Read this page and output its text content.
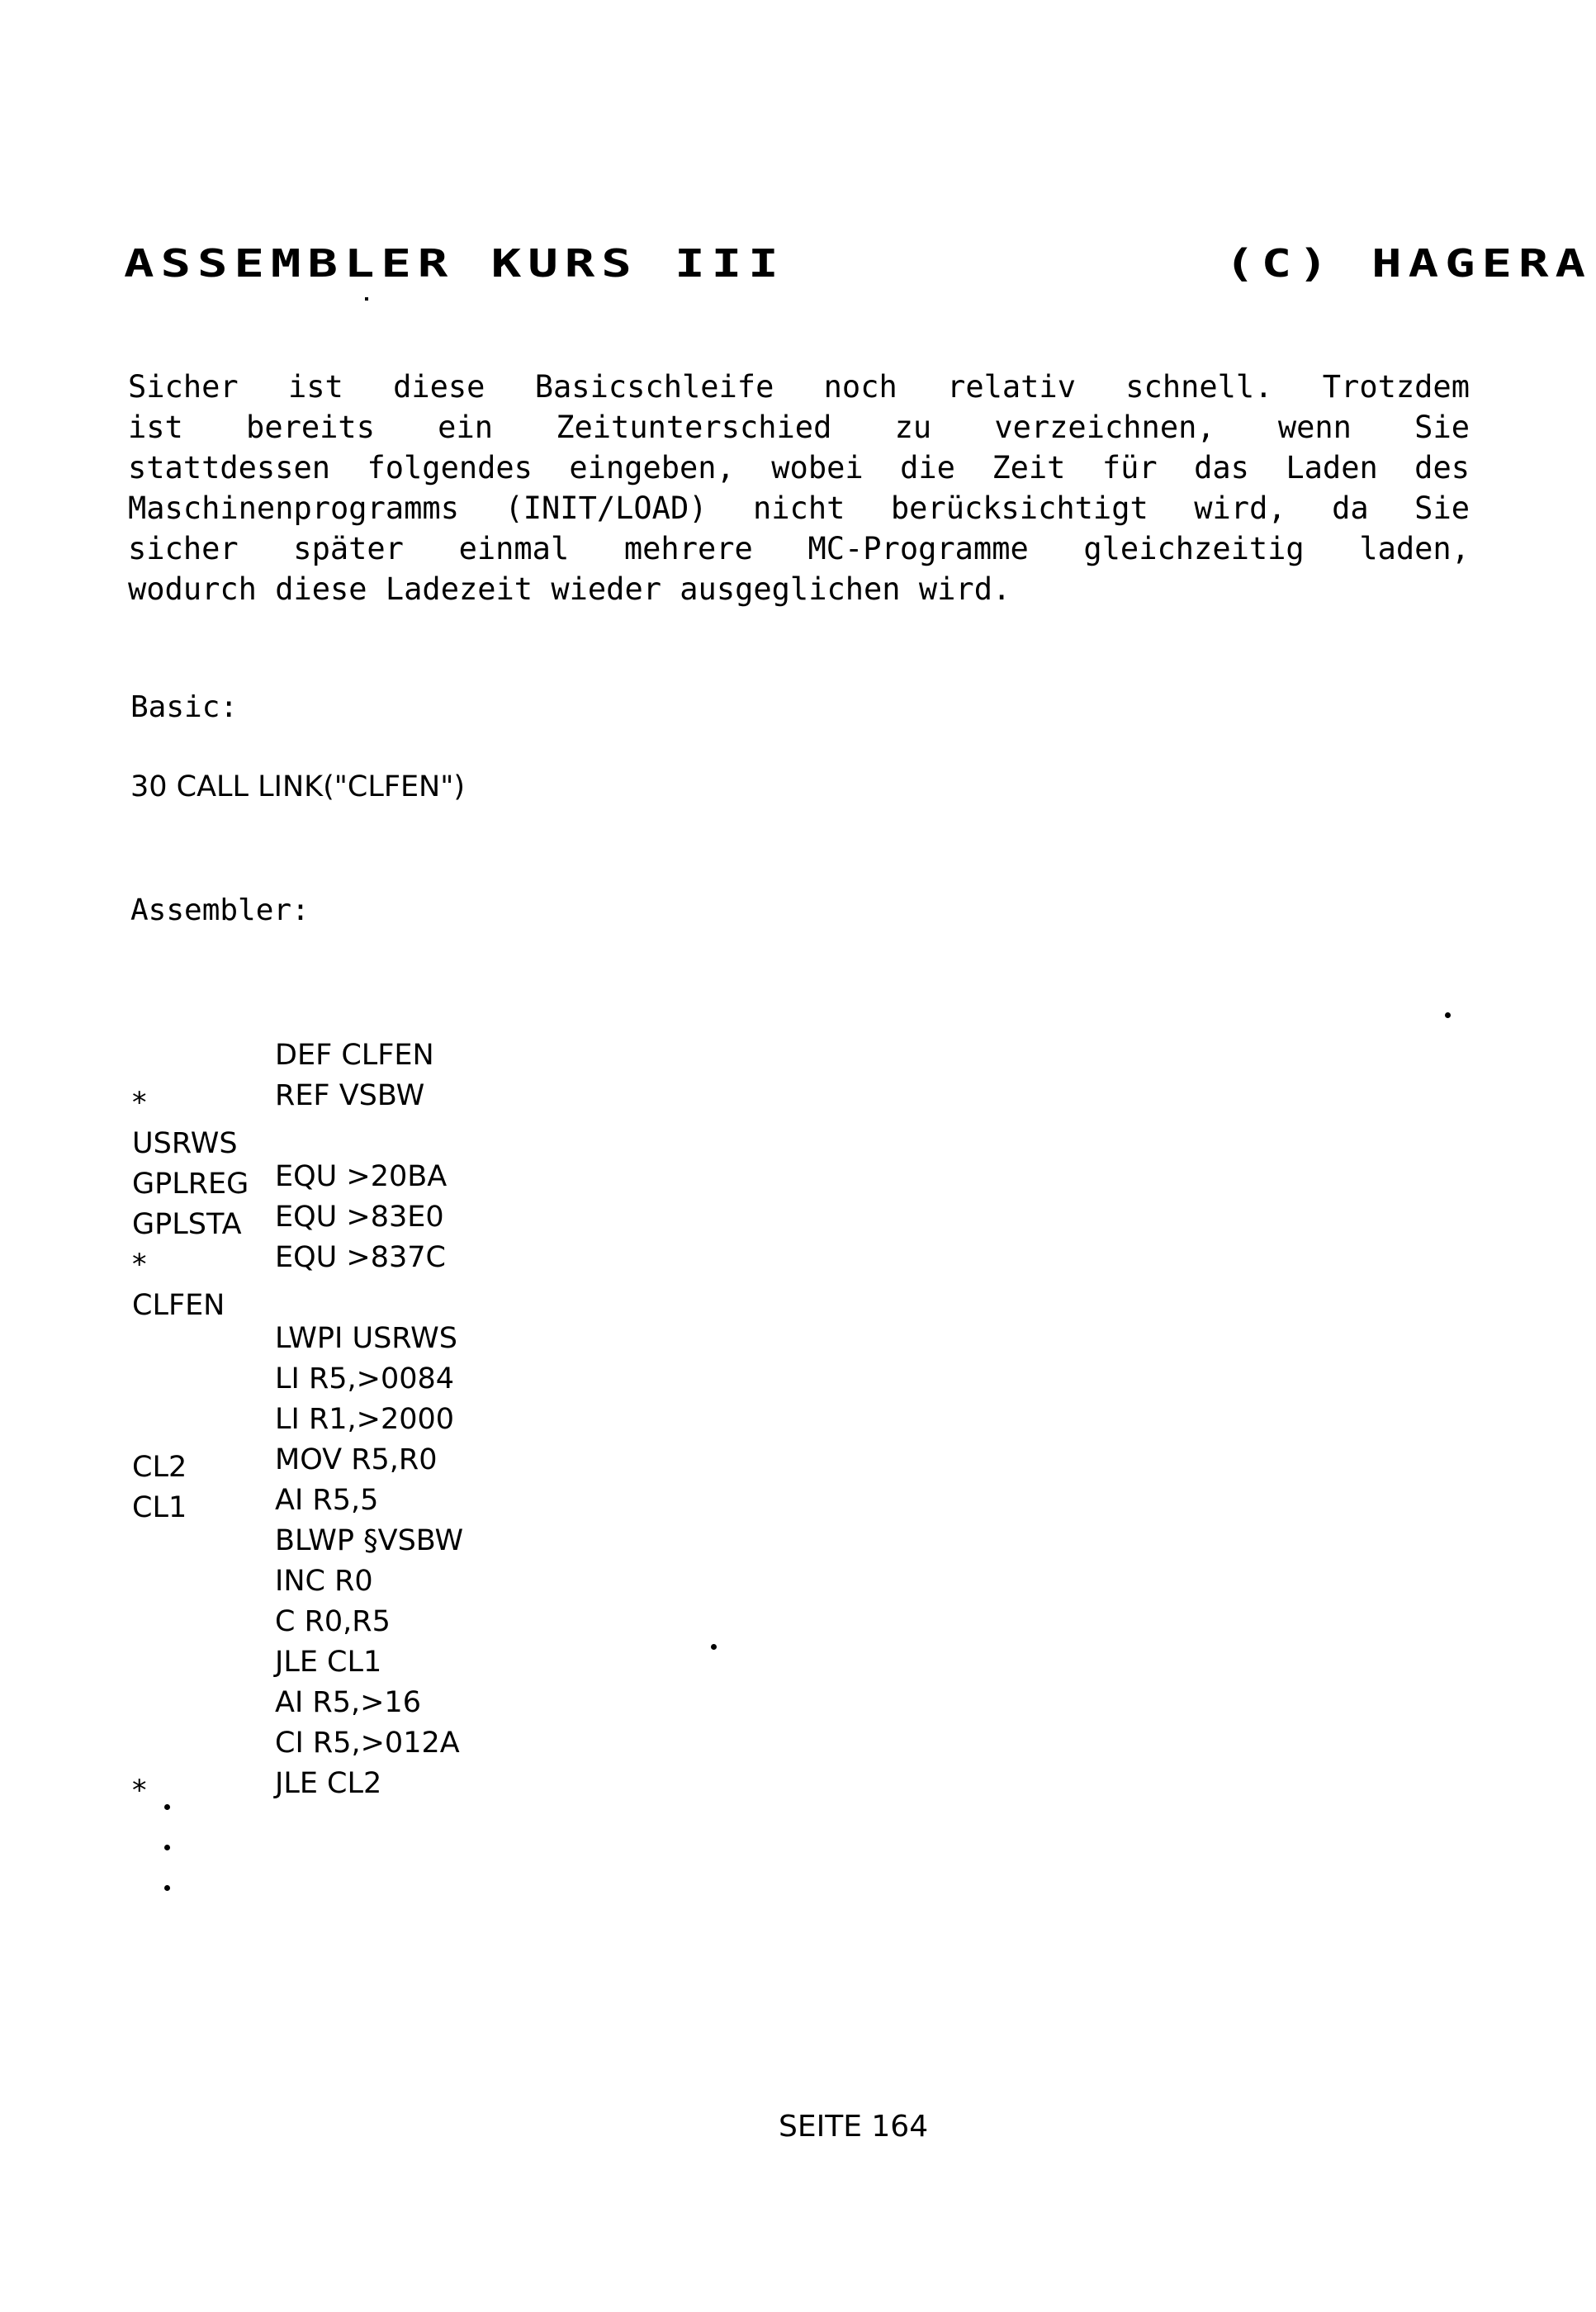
ASSEMBLER KURS III	(C) HAGERA
Sicher ist diese Basicschleife noch relativ schnell. Trotzdem
ist bereits ein Zeitunterschied zu verzeichnen, wenn Sie
stattdessen folgendes eingeben, wobei die Zeit für das Laden des
Maschinenprogramms (INIT/LOAD) nicht berücksichtigt wird, da Sie
sicher später einmal mehrere MC-Programme gleichzeitig laden,
wodurch diese Ladezeit wieder ausgeglichen wird.
Basic:
30 CALL LINK("CLFEN")
Assembler:

DEF CLFEN

REF VSBW

*

USRWS

EQU >20BA

GPLREG

EQU >83E0

GPLSTA

EQU >837C

*

CLFEN

LWPI USRWS

LI R5,>0084

LI R1,>2000

MOV R5,R0

CL2

AI R5,5

CL1

BLWP §VSBW

INC R0

C R0,R5

JLE CL1

AI R5,>16

CI R5,>012A

JLE CL2

*

SEITE 164
